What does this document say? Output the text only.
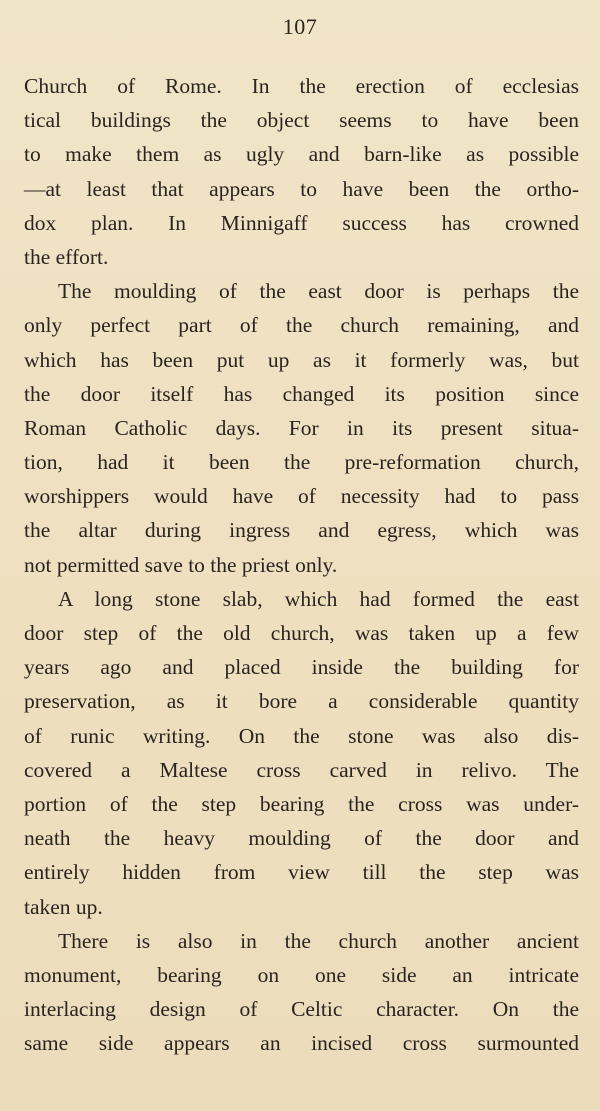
107
Church of Rome. In the erection of ecclesias
tical buildings the object seems to have been
to make them as ugly and barn-like as possible
—at least that appears to have been the ortho-
dox plan. In Minnigaff success has crowned
the effort.
The moulding of the east door is perhaps the
only perfect part of the church remaining, and
which has been put up as it formerly was, but
the door itself has changed its position since
Roman Catholic days. For in its present situa-
tion, had it been the pre-reformation church,
worshippers would have of necessity had to pass
the altar during ingress and egress, which was
not permitted save to the priest only.
A long stone slab, which had formed the east
door step of the old church, was taken up a few
years ago and placed inside the building for
preservation, as it bore a considerable quantity
of runic writing. On the stone was also dis-
covered a Maltese cross carved in relivo. The
portion of the step bearing the cross was under-
neath the heavy moulding of the door and
entirely hidden from view till the step was
taken up.
There is also in the church another ancient
monument, bearing on one side an intricate
interlacing design of Celtic character. On the
same side appears an incised cross surmounted
